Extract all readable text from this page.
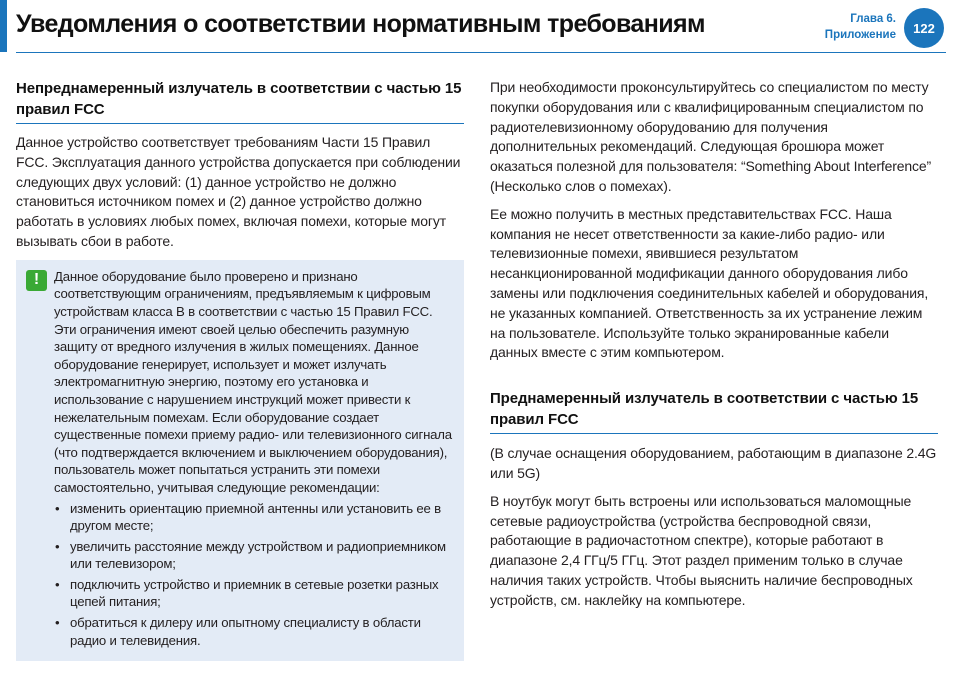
Уведомления о соответствии нормативным требованиям	Глава 6.
Приложение	122
Непреднамеренный излучатель в соответствии с частью 15 правил FCC

Данное устройство соответствует требованиям Части 15 Правил FCC. Эксплуатация данного устройства допускается при соблюдении следующих двух условий: (1) данное устройство не должно становиться источником помех и (2) данное устройство должно работать в условиях любых помех, включая помехи, которые могут вызывать сбои в работе.

!	Данное оборудование было проверено и признано соответствующим ограничениям, предъявляемым к цифровым устройствам класса B в соответствии с частью 15 Правил FCC. Эти ограничения имеют своей целью обеспечить разумную защиту от вредного излучения в жилых помещениях. Данное оборудование генерирует, использует и может излучать электромагнитную энергию, поэтому его установка и использование с нарушением инструкций может привести к нежелательным помехам. Если оборудование создает существенные помехи приему радио- или телевизионного сигнала (что подтверждается включением и выключением оборудования), пользователь может попытаться устранить эти помехи самостоятельно, учитывая следующие рекомендации:

• изменить ориентацию приемной антенны или установить ее в другом месте;
• увеличить расстояние между устройством и радиоприемником или телевизором;
• подключить устройство и приемник в сетевые розетки разных цепей питания;
• обратиться к дилеру или опытному специалисту в области радио и телевидения.

При необходимости проконсультируйтесь со специалистом по месту покупки оборудования или с квалифицированным специалистом по радиотелевизионному оборудованию для получения дополнительных рекомендаций. Следующая брошюра может оказаться полезной для пользователя: “Something About Interference” (Несколько слов о помехах).

Ее можно получить в местных представительствах FCC. Наша компания не несет ответственности за какие-либо радио- или телевизионные помехи, явившиеся результатом несанкционированной модификации данного оборудования либо замены или подключения соединительных кабелей и оборудования, не указанных компанией. Ответственность за их устранение лежим на пользователе. Используйте только экранированные кабели данных вместе с этим компьютером.

Преднамеренный излучатель в соответствии с частью 15 правил FCC

(В случае оснащения оборудованием, работающим в диапазоне 2.4G или 5G)

В ноутбук могут быть встроены или использоваться маломощные сетевые радиоустройства (устройства беспроводной связи, работающие в радиочастотном спектре), которые работают в диапазоне 2,4 ГГц/5 ГГц. Этот раздел применим только в случае наличия таких устройств. Чтобы выяснить наличие беспроводных устройств, см. наклейку на компьютере.
